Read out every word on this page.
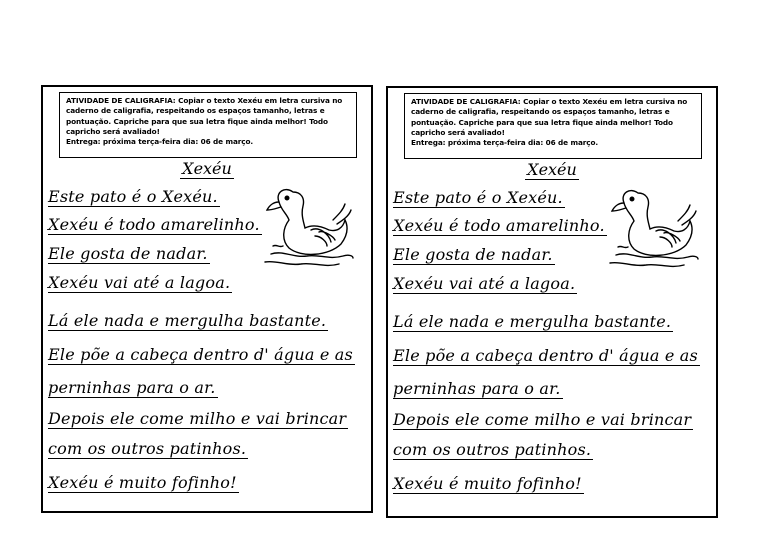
ATIVIDADE DE CALIGRAFIA: Copiar o texto Xexéu em letra cursiva no
caderno de caligrafia, respeitando os espaços tamanho, letras e
pontuação. Capriche para que sua letra fique ainda melhor! Todo
capricho será avaliado!
Entrega: próxima terça-feira dia: 06 de março.
Xexéu
Este pato é o Xexéu.
Xexéu é todo amarelinho.
Ele gosta de nadar.
Xexéu vai até a lagoa.
Lá ele nada e mergulha bastante.
Ele põe a cabeça dentro d' água e as
perninhas para o ar.
Depois ele come milho e vai brincar
com os outros patinhos.
Xexéu é muito fofinho!
ATIVIDADE DE CALIGRAFIA: Copiar o texto Xexéu em letra cursiva no
caderno de caligrafia, respeitando os espaços tamanho, letras e
pontuação. Capriche para que sua letra fique ainda melhor! Todo
capricho será avaliado!
Entrega: próxima terça-feira dia: 06 de março.
Xexéu
Este pato é o Xexéu.
Xexéu é todo amarelinho.
Ele gosta de nadar.
Xexéu vai até a lagoa.
Lá ele nada e mergulha bastante.
Ele põe a cabeça dentro d' água e as
perninhas para o ar.
Depois ele come milho e vai brincar
com os outros patinhos.
Xexéu é muito fofinho!
